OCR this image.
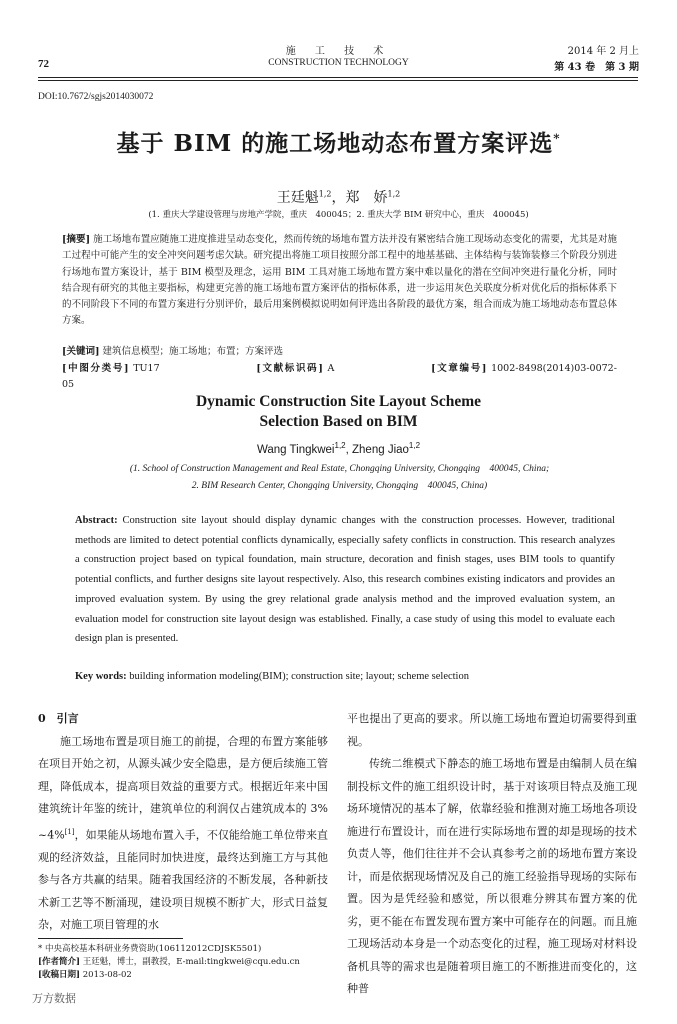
72
施 工 技 术
CONSTRUCTION TECHNOLOGY
2014 年 2 月上
第 43 卷　第 3 期
DOI:10.7672/sgjs2014030072
基于 BIM 的施工场地动态布置方案评选*
王廷魁$^{1,2}$，郑　娇$^{1,2}$
(1. 重庆大学建设管理与房地产学院，重庆　400045；2. 重庆大学 BIM 研究中心，重庆　400045)
[摘要] 施工场地布置应随施工进度推进呈动态变化，然而传统的场地布置方法并没有紧密结合施工现场动态变化的需要，尤其是对施工过程中可能产生的安全冲突问题考虑欠缺。研究提出将施工项目按照分部工程中的地基基础、主体结构与装饰装修三个阶段分别进行场地布置方案设计，基于 BIM 模型及理念，运用 BIM 工具对施工场地布置方案中难以量化的潜在空间冲突进行量化分析，同时结合现有研究的其他主要指标，构建更完善的施工场地布置方案评估的指标体系，进一步运用灰色关联度分析对优化后的指标体系下的不同阶段下不同的布置方案进行分别评价，最后用案例模拟说明如何评选出各阶段的最优方案，组合而成为施工场地动态布置总体方案。
[关键词] 建筑信息模型；施工场地；布置；方案评选
[中图分类号] TU17	[文献标识码] A	[文章编号] 1002-8498(2014)03-0072-05
Dynamic Construction Site Layout Scheme
Selection Based on BIM
Wang Tingkwei$^{1,2}$, Zheng Jiao$^{1,2}$
(1. School of Construction Management and Real Estate, Chongqing University, Chongqing　400045, China;
2. BIM Research Center, Chongqing University, Chongqing　400045, China)
Abstract: Construction site layout should display dynamic changes with the construction processes. However, traditional methods are limited to detect potential conflicts dynamically, especially safety conflicts in construction. This research analyzes a construction project based on typical foundation, main structure, decoration and finish stages, uses BIM tools to quantify potential conflicts, and further designs site layout respectively. Also, this research combines existing indicators and provides an improved evaluation system. By using the grey relational grade analysis method and the improved evaluation system, an evaluation model for construction site layout design was established. Finally, a case study of using this model to evaluate each design plan is presented.
Key words: building information modeling(BIM); construction site; layout; scheme selection
0　引言

施工场地布置是项目施工的前提，合理的布置方案能够在项目开始之初，从源头减少安全隐患，是方便后续施工管理，降低成本，提高项目效益的重要方式。根据近年来中国建筑统计年鉴的统计，建筑单位的利润仅占建筑成本的 3% ~4%[1]，如果能从场地布置入手，不仅能给施工单位带来直观的经济效益，且能同时加快进度，最终达到施工方与其他参与各方共赢的结果。随着我国经济的不断发展，各种新技术新工艺等不断涌现，建设项目规模不断扩大，形式日益复杂，对施工项目管理的水

平也提出了更高的要求。所以施工场地布置迫切需要得到重视。

传统二维模式下静态的施工场地布置是由编制人员在编制投标文件的施工组织设计时，基于对该项目特点及施工现场环境情况的基本了解，依靠经验和推测对施工场地各项设施进行布置设计，而在进行实际场地布置的却是现场的技术负责人等，他们往往并不会认真参考之前的场地布置方案设计，而是依据现场情况及自己的施工经验指导现场的实际布置。因为是凭经验和感觉，所以很难分辨其布置方案的优劣，更不能在布置发现布置方案中可能存在的问题。而且施工现场活动本身是一个动态变化的过程，施工现场对材料设备机具等的需求也是随着项目施工的不断推进而变化的，这种普

* 中央高校基本科研业务费资助(106112012CDJSK5501)
[作者简介] 王廷魁，博士，副教授，E-mail:tingkwei@cqu.edu.cn
[收稿日期] 2013-08-02
万方数据
